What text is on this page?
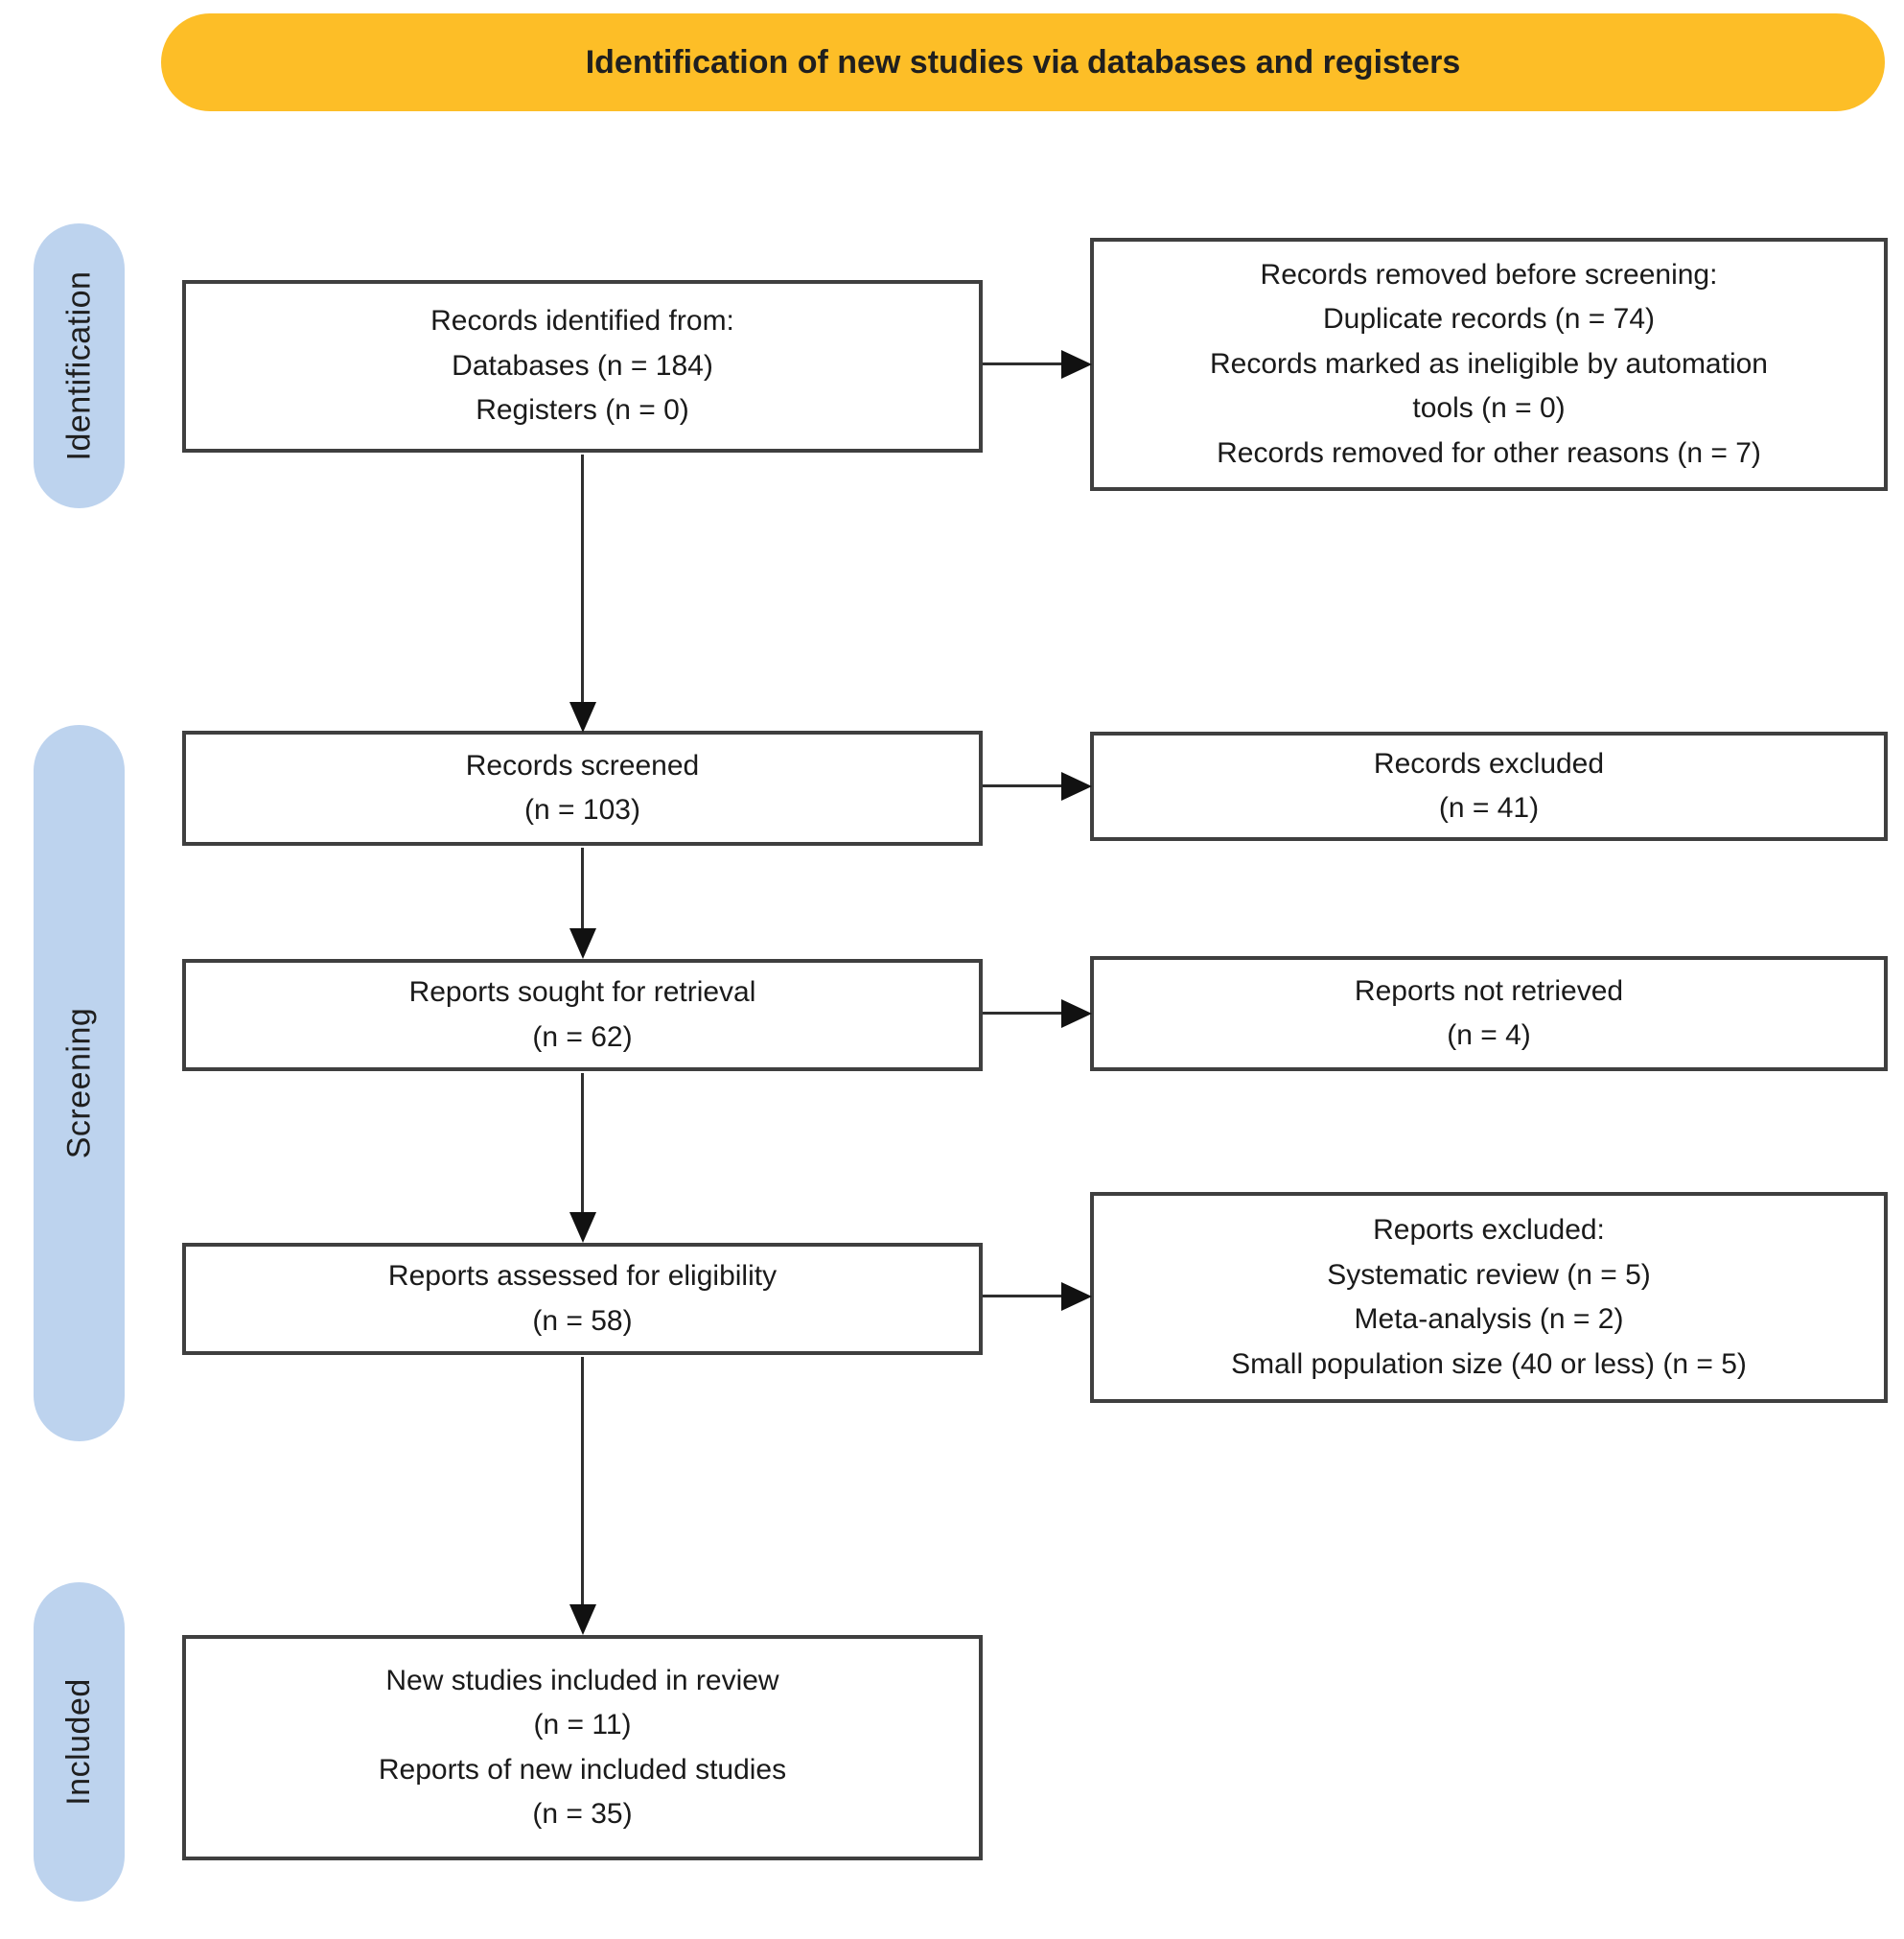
Identification of new studies via databases and registers
Identification
Screening
Included
Records identified from:
Databases (n = 184)
Registers (n = 0)
Records removed before screening:
Duplicate records (n = 74)
Records marked as ineligible by automation
tools (n = 0)
Records removed for other reasons (n = 7)
Records screened
(n = 103)
Records excluded
(n = 41)
Reports sought for retrieval
(n = 62)
Reports not retrieved
(n = 4)
Reports assessed for eligibility
(n = 58)
Reports excluded:
Systematic review (n = 5)
Meta-analysis (n = 2)
Small population size (40 or less) (n = 5)
New studies included in review
(n = 11)
Reports of new included studies
(n = 35)
